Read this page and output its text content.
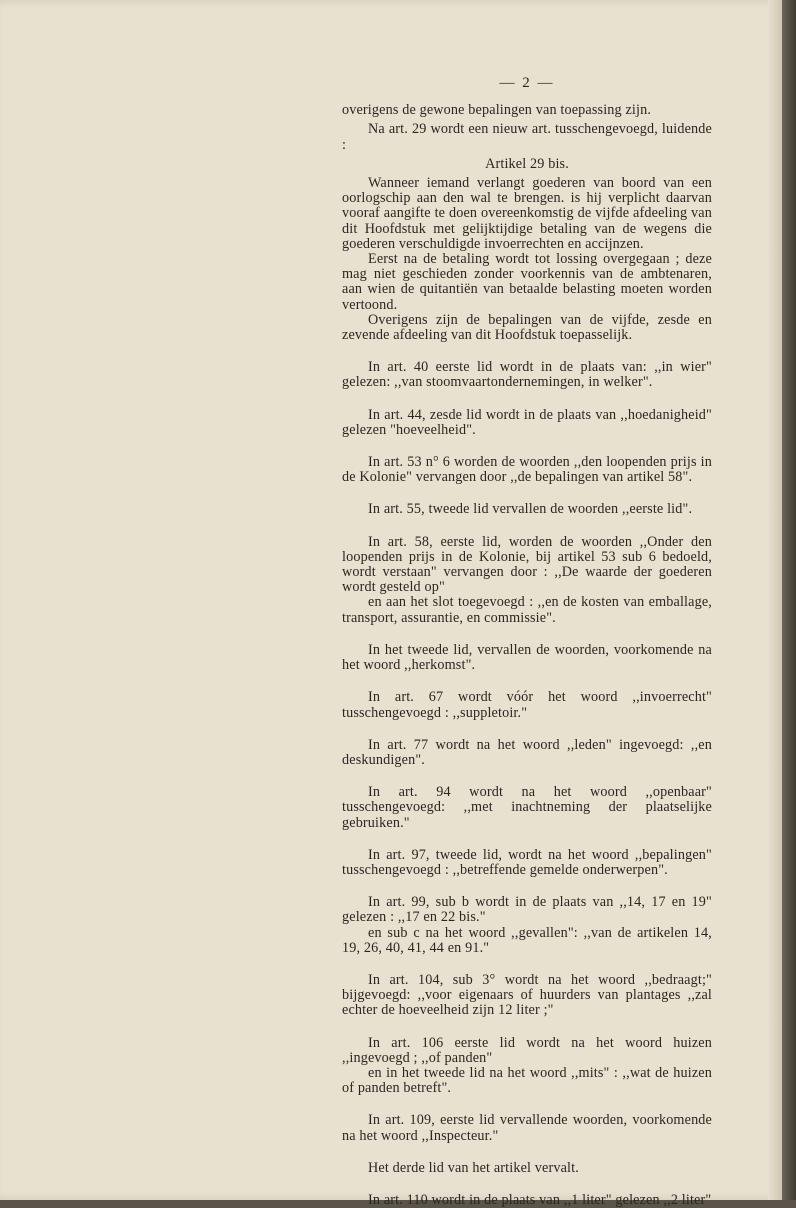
— 2 —

overigens de gewone bepalingen van toepassing zijn.

Na art. 29 wordt een nieuw art. tusschengevoegd, luidende :

Artikel 29 bis.

Wanneer iemand verlangt goederen van boord van een oorlogschip aan den wal te brengen. is hij verplicht daarvan vooraf aangifte te doen overeenkomstig de vijfde afdeeling van dit Hoofdstuk met gelijktijdige betaling van de wegens die goederen verschuldigde invoerrechten en accijnzen.

Eerst na de betaling wordt tot lossing overgegaan ; deze mag niet geschieden zonder voorkennis van de ambtenaren, aan wien de quitantiën van betaalde belasting moeten worden vertoond.

Overigens zijn de bepalingen van de vijfde, zesde en zevende afdeeling van dit Hoofdstuk toepasselijk.

In art. 40 eerste lid wordt in de plaats van: ,,in wier" gelezen: ,,van stoomvaartondernemingen, in welker".

In art. 44, zesde lid wordt in de plaats van ,,hoedanigheid" gelezen "hoeveelheid".

In art. 53 n° 6 worden de woorden ,,den loopenden prijs in de Kolonie" vervangen door ,,de bepalingen van artikel 58".

In art. 55, tweede lid vervallen de woorden ,,eerste lid".

In art. 58, eerste lid, worden de woorden ,,Onder den loopenden prijs in de Kolonie, bij artikel 53 sub 6 bedoeld, wordt verstaan" vervangen door : ,,De waarde der goederen wordt gesteld op"

en aan het slot toegevoegd : ,,en de kosten van emballage, transport, assurantie, en commissie".

In het tweede lid, vervallen de woorden, voorkomende na het woord ,,herkomst".

In art. 67 wordt vóór het woord ,,invoerrecht" tusschengevoegd : ,,suppletoir."

In art. 77 wordt na het woord ,,leden" ingevoegd: ,,en deskundigen".

In art. 94 wordt na het woord ,,openbaar" tusschengevoegd: ,,met inachtneming der plaatselijke gebruiken."

In art. 97, tweede lid, wordt na het woord ,,bepalingen" tusschengevoegd : ,,betreffende gemelde onderwerpen".

In art. 99, sub b wordt in de plaats van ,,14, 17 en 19" gelezen : ,,17 en 22 bis."

en sub c na het woord ,,gevallen": ,,van de artikelen 14, 19, 26, 40, 41, 44 en 91."

In art. 104, sub 3° wordt na het woord ,,bedraagt;" bijgevoegd: ,,voor eigenaars of huurders van plantages ,,zal echter de hoeveelheid zijn 12 liter ;"

In art. 106 eerste lid wordt na het woord huizen ,,ingevoegd ; ,,of panden"

en in het tweede lid na het woord ,,mits" : ,,wat de huizen of panden betreft".

In art. 109, eerste lid vervallende woorden, voorkomende na het woord ,,Inspecteur."

Het derde lid van het artikel vervalt.

In art. 110 wordt in de plaats van ,,1 liter" gelezen ,,2 liter"
